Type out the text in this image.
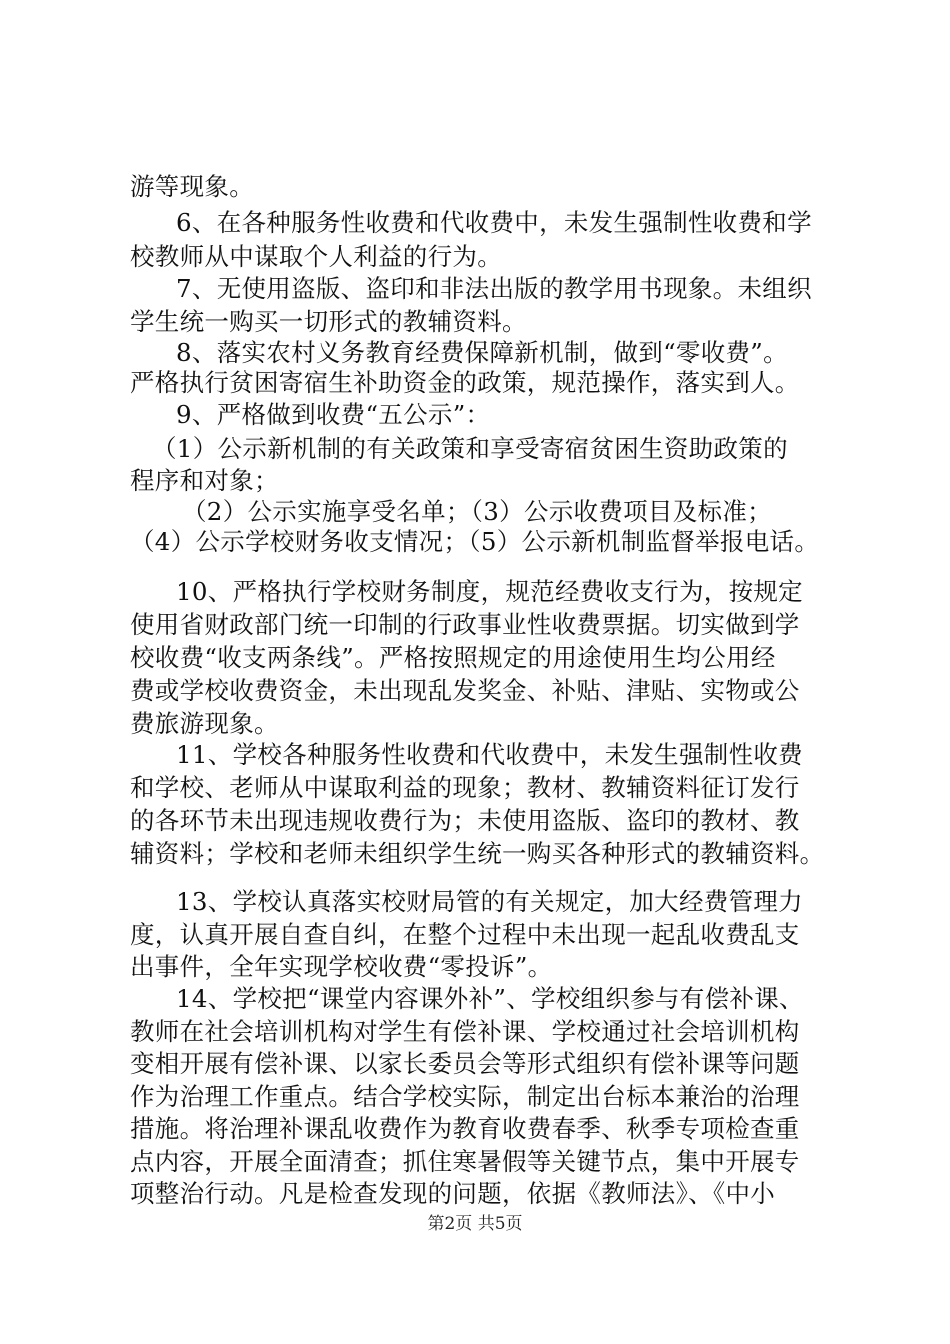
游等现象。

6、在各种服务性收费和代收费中，未发生强制性收费和学

校教师从中谋取个人利益的行为。

7、无使用盗版、盗印和非法出版的教学用书现象。未组织

学生统一购买一切形式的教辅资料。

8、落实农村义务教育经费保障新机制，做到“零收费”。

严格执行贫困寄宿生补助资金的政策，规范操作，落实到人。

9、严格做到收费“五公示”：

（1）公示新机制的有关政策和享受寄宿贫困生资助政策的

程序和对象；

（2）公示实施享受名单；（3）公示收费项目及标准；

（4）公示学校财务收支情况；（5）公示新机制监督举报电话。

10、严格执行学校财务制度，规范经费收支行为，按规定

使用省财政部门统一印制的行政事业性收费票据。切实做到学

校收费“收支两条线”。严格按照规定的用途使用生均公用经

费或学校收费资金，未出现乱发奖金、补贴、津贴、实物或公

费旅游现象。

11、学校各种服务性收费和代收费中，未发生强制性收费

和学校、老师从中谋取利益的现象；教材、教辅资料征订发行

的各环节未出现违规收费行为；未使用盗版、盗印的教材、教

辅资料；学校和老师未组织学生统一购买各种形式的教辅资料。

13、学校认真落实校财局管的有关规定，加大经费管理力

度，认真开展自查自纠，在整个过程中未出现一起乱收费乱支

出事件，全年实现学校收费“零投诉”。

14、学校把“课堂内容课外补”、学校组织参与有偿补课、

教师在社会培训机构对学生有偿补课、学校通过社会培训机构

变相开展有偿补课、以家长委员会等形式组织有偿补课等问题

作为治理工作重点。结合学校实际，制定出台标本兼治的治理

措施。将治理补课乱收费作为教育收费春季、秋季专项检查重

点内容，开展全面清查；抓住寒暑假等关键节点，集中开展专

项整治行动。凡是检查发现的问题，依据《教师法》、《中小

第2页 共5页
